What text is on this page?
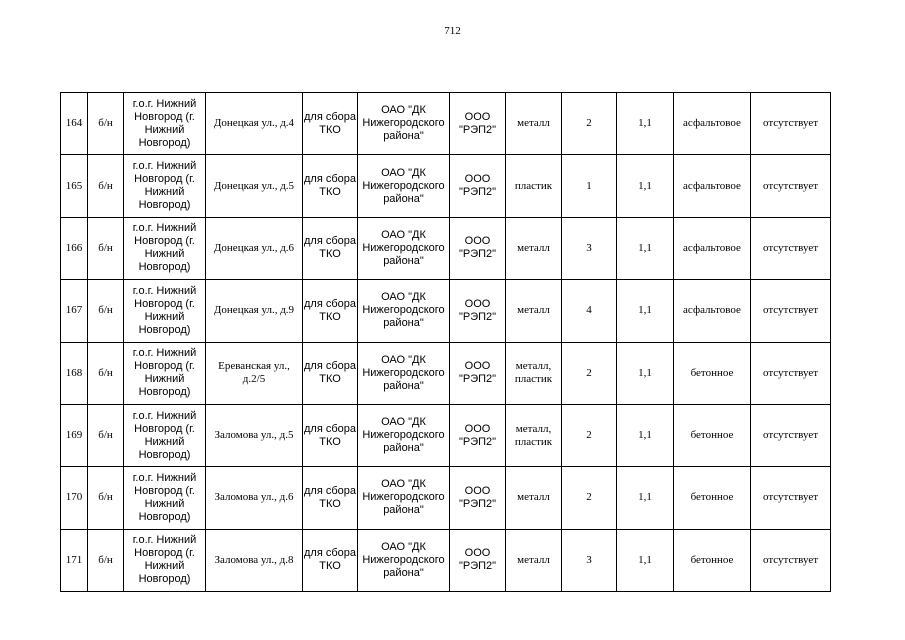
712
164	б/н	г.о.г. Нижний Новгород (г. Нижний Новгород)	Донецкая ул., д.4	для сбора ТКО	ОАО "ДК Нижегородского района"	ООО "РЭП2"	металл	2	1,1	асфальтовое	отсутствует
165	б/н	г.о.г. Нижний Новгород (г. Нижний Новгород)	Донецкая ул., д.5	для сбора ТКО	ОАО "ДК Нижегородского района"	ООО "РЭП2"	пластик	1	1,1	асфальтовое	отсутствует
166	б/н	г.о.г. Нижний Новгород (г. Нижний Новгород)	Донецкая ул., д.6	для сбора ТКО	ОАО "ДК Нижегородского района"	ООО "РЭП2"	металл	3	1,1	асфальтовое	отсутствует
167	б/н	г.о.г. Нижний Новгород (г. Нижний Новгород)	Донецкая ул., д.9	для сбора ТКО	ОАО "ДК Нижегородского района"	ООО "РЭП2"	металл	4	1,1	асфальтовое	отсутствует
168	б/н	г.о.г. Нижний Новгород (г. Нижний Новгород)	Ереванская ул., д.2/5	для сбора ТКО	ОАО "ДК Нижегородского района"	ООО "РЭП2"	металл, пластик	2	1,1	бетонное	отсутствует
169	б/н	г.о.г. Нижний Новгород (г. Нижний Новгород)	Заломова ул., д.5	для сбора ТКО	ОАО "ДК Нижегородского района"	ООО "РЭП2"	металл, пластик	2	1,1	бетонное	отсутствует
170	б/н	г.о.г. Нижний Новгород (г. Нижний Новгород)	Заломова ул., д.6	для сбора ТКО	ОАО "ДК Нижегородского района"	ООО "РЭП2"	металл	2	1,1	бетонное	отсутствует
171	б/н	г.о.г. Нижний Новгород (г. Нижний Новгород)	Заломова ул., д.8	для сбора ТКО	ОАО "ДК Нижегородского района"	ООО "РЭП2"	металл	3	1,1	бетонное	отсутствует
